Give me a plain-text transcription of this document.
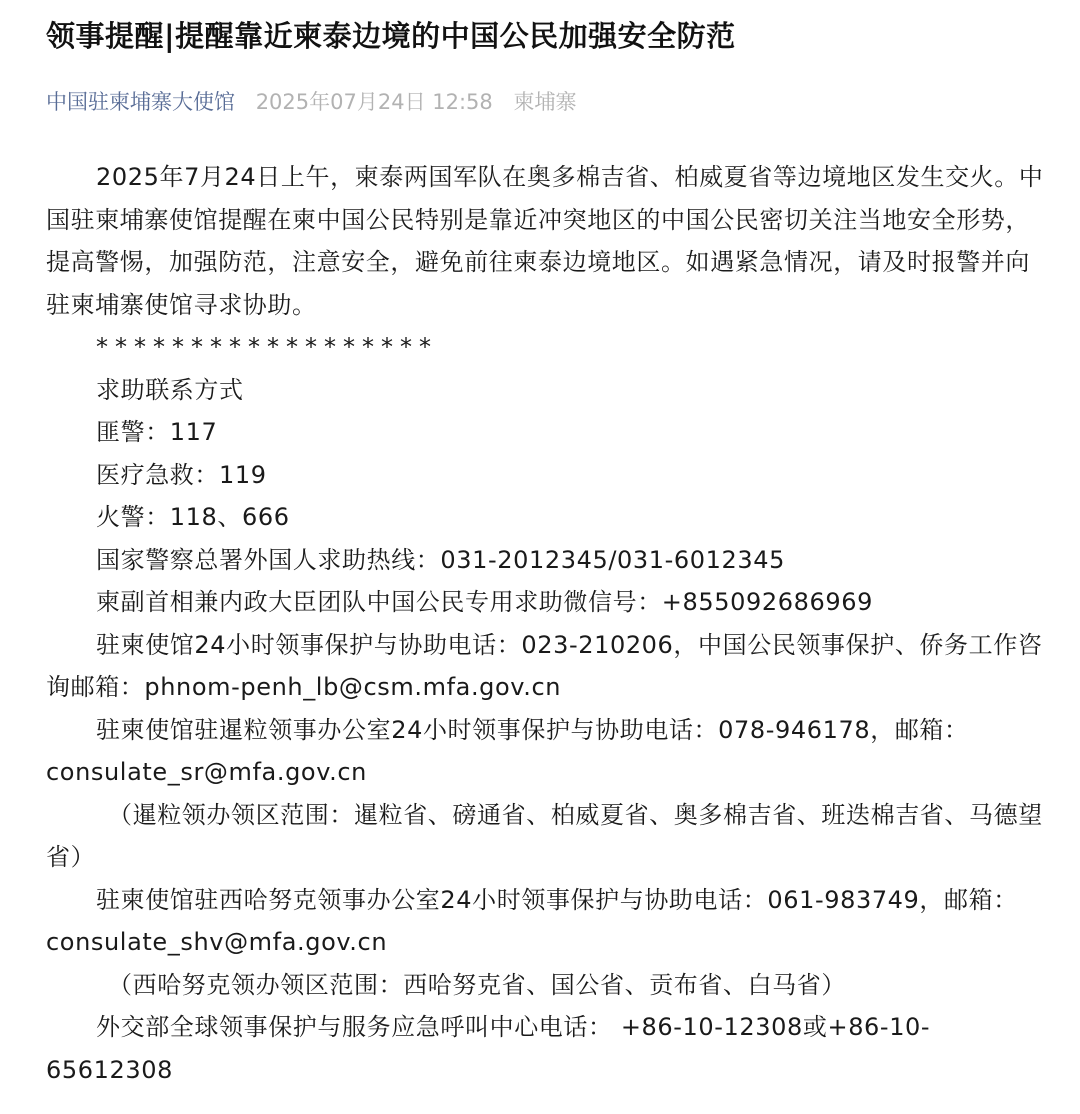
领事提醒|提醒靠近柬泰边境的中国公民加强安全防范
中国驻柬埔寨大使馆 2025年07月24日 12:58 柬埔寨

2025年7月24日上午，柬泰两国军队在奥多棉吉省、柏威夏省等边境地区发生交火。中国驻柬埔寨使馆提醒在柬中国公民特别是靠近冲突地区的中国公民密切关注当地安全形势，提高警惕，加强防范，注意安全，避免前往柬泰边境地区。如遇紧急情况，请及时报警并向驻柬埔寨使馆寻求协助。

******************

求助联系方式

匪警：117

医疗急救：119

火警：118、666

国家警察总署外国人求助热线：031-2012345/031-6012345

柬副首相兼内政大臣团队中国公民专用求助微信号：+855092686969

驻柬使馆24小时领事保护与协助电话：023-210206，中国公民领事保护、侨务工作咨询邮箱：phnom-penh_lb@csm.mfa.gov.cn

驻柬使馆驻暹粒领事办公室24小时领事保护与协助电话：078-946178，邮箱：consulate_sr@mfa.gov.cn

（暹粒领办领区范围：暹粒省、磅通省、柏威夏省、奥多棉吉省、班迭棉吉省、马德望省）

驻柬使馆驻西哈努克领事办公室24小时领事保护与协助电话：061-983749，邮箱：consulate_shv@mfa.gov.cn

（西哈努克领办领区范围：西哈努克省、国公省、贡布省、白马省）

外交部全球领事保护与服务应急呼叫中心电话： +86-10-12308或+86-10-65612308
